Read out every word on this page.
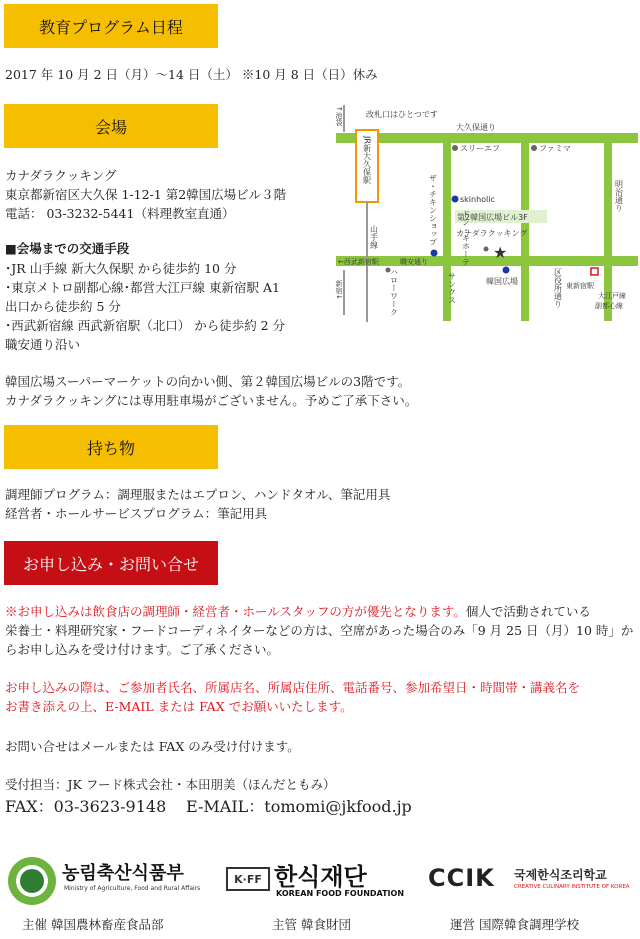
教育プログラム日程
2017 年 10 月 2 日（月）～14 日（土） ※10 月 8 日（日）休み
会場
カナダラクッキング
東京都新宿区大久保 1-12-1 第2韓国広場ビル３階
電話： 03-3232-5441（料理教室直通）
■会場までの交通手段
･JR 山手線 新大久保駅 から徒歩約 10 分
･東京メトロ副都心線･都営大江戸線 東新宿駅 A1
出口から徒歩約 5 分
･西武新宿線 西武新宿駅（北口） から徒歩約 2 分
職安通り沿い
韓国広場スーパーマーケットの向かい側、第２韓国広場ビルの3階です。
カナダラクッキングには専用駐車場がございません。予めご了承下さい。
↑池袋	改札口はひとつです
大久保通り
JR新大久保駅	スリーエフ	ファミマ
明治通り
ザ・チキンショップ	skinholic
第2韓国広場ビル3F
カナダラクッキング
★
山手線
←西武新宿駅	職安通り
ハローワーク
ドン・キホーテ
韓国広場
サンクス	区役所通り 東新宿駅
大江戸線
副都心線
新宿↓
持ち物
調理師プログラム：調理服またはエプロン、ハンドタオル、筆記用具
経営者・ホールサービスプログラム：筆記用具
お申し込み・お問い合せ
※お申し込みは飲食店の調理師・経営者・ホールスタッフの方が優先となります。個人で活動されている
栄養士・料理研究家・フードコーディネイターなどの方は、空席があった場合のみ「9 月 25 日（月）10 時」か
らお申し込みを受け付けます。ご了承ください。
お申し込みの際は、ご参加者氏名、所属店名、所属店住所、電話番号、参加希望日・時間帯・講義名を
お書き添えの上、E-MAIL または FAX でお願いいたします。
お問い合せはメールまたは FAX のみ受け付けます。
受付担当：JK フード株式会社・本田朋美（ほんだともみ）
FAX：03-3623-9148 E-MAIL：tomomi@jkfood.jp
농림축산식품부
Ministry of Agriculture, Food and Rural Affairs
K·FF 한식재단
KOREAN FOOD FOUNDATION
CCIK 국제한식조리학교
CREATIVE CULINARY INSTITUTE OF KOREA
主催 韓国農林畜産食品部	主管 韓食財団	運営 国際韓食調理学校
